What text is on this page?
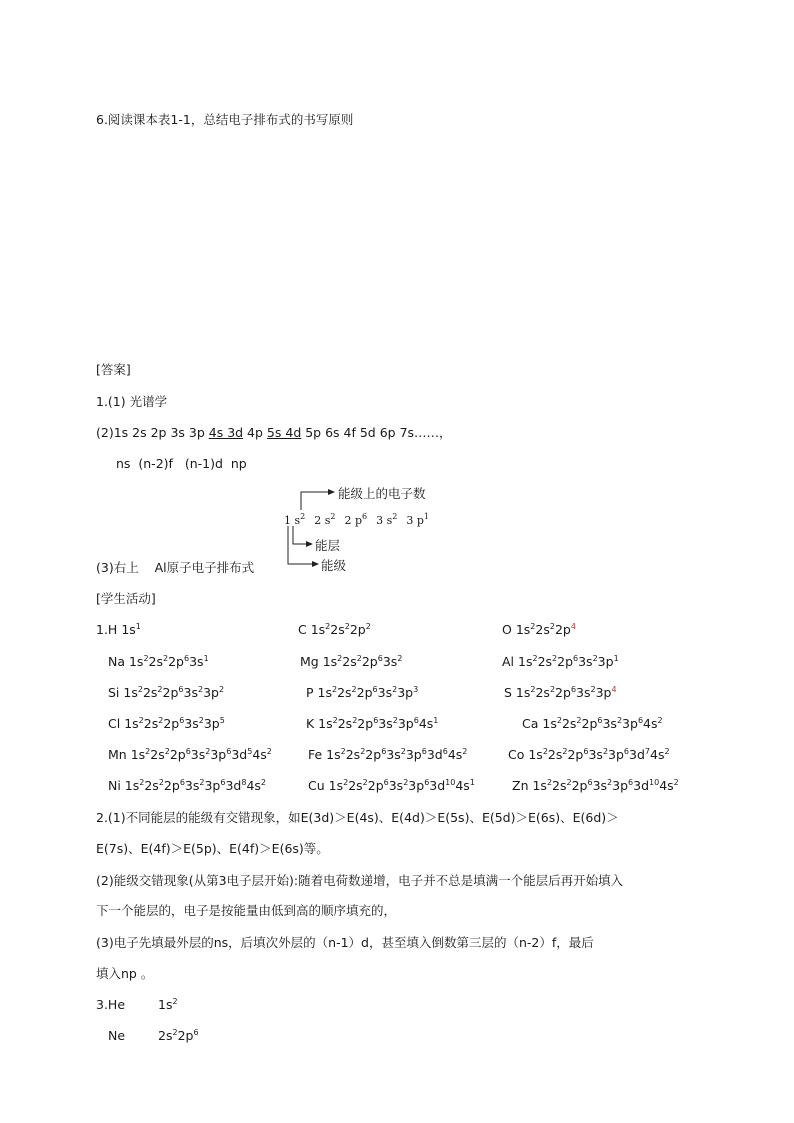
6.阅读课本表1-1，总结电子排布式的书写原则
[答案]
1.(1) 光谱学
(2)1s 2s 2p 3s 3p 4s 3d 4p 5s 4d 5p 6s 4f 5d 6p 7s……，
ns  (n-2)f   (n-1)d  np
能级上的电子数
1 $s^2$ 2 $s^2$ 2 $p^6$ 3 $s^2$ 3 $p^1$
能层
能级
(3)右上 Al原子电子排布式
[学生活动]
1.H $1s^1$	C $1s^22s^22p^2$	O $1s^22s^22p^4$
Na $1s^22s^22p^63s^1$	Mg $1s^22s^22p^63s^2$	Al $1s^22s^22p^63s^23p^1$
Si $1s^22s^22p^63s^23p^2$	P $1s^22s^22p^63s^23p^3$	S $1s^22s^22p^63s^23p^4$
Cl $1s^22s^22p^63s^23p^5$	K $1s^22s^22p^63s^23p^64s^1$	Ca $1s^22s^22p^63s^23p^64s^2$
Mn $1s^22s^22p^63s^23p^63d^54s^2$	Fe $1s^22s^22p^63s^23p^63d^64s^2$	Co $1s^22s^22p^63s^23p^63d^74s^2$
Ni $1s^22s^22p^63s^23p^63d^84s^2$	Cu $1s^22s^22p^63s^23p^63d^{10}4s^1$	Zn $1s^22s^22p^63s^23p^63d^{10}4s^2$
2.(1)不同能层的能级有交错现象，如E(3d)＞E(4s)、E(4d)＞E(5s)、E(5d)＞E(6s)、E(6d)＞
E(7s)、E(4f)＞E(5p)、E(4f)＞E(6s)等。
(2)能级交错现象(从第3电子层开始):随着电荷数递增，电子并不总是填满一个能层后再开始填入
下一个能层的，电子是按能量由低到高的顺序填充的，
(3)电子先填最外层的ns，后填次外层的（n-1）d，甚至填入倒数第三层的（n-2）f，最后
填入np 。
3.He	$1s^2$
Ne	$2s^22p^6$
